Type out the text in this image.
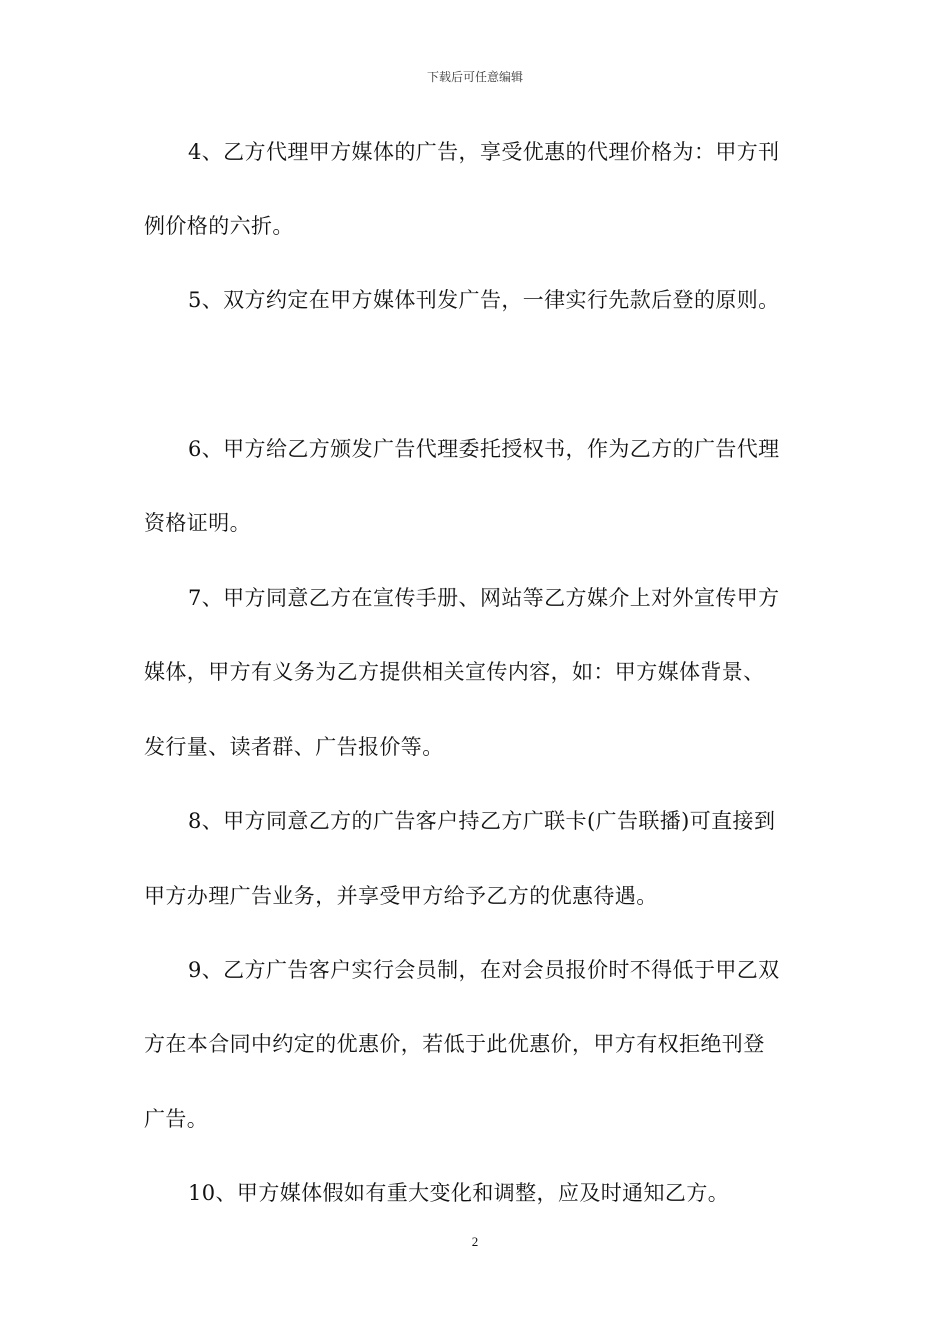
下载后可任意编辑
4、乙方代理甲方媒体的广告，享受优惠的代理价格为：甲方刊
例价格的六折。
5、双方约定在甲方媒体刊发广告，一律实行先款后登的原则。
6、甲方给乙方颁发广告代理委托授权书，作为乙方的广告代理
资格证明。
7、甲方同意乙方在宣传手册、网站等乙方媒介上对外宣传甲方
媒体，甲方有义务为乙方提供相关宣传内容，如：甲方媒体背景、
发行量、读者群、广告报价等。
8、甲方同意乙方的广告客户持乙方广联卡(广告联播)可直接到
甲方办理广告业务，并享受甲方给予乙方的优惠待遇。
9、乙方广告客户实行会员制，在对会员报价时不得低于甲乙双
方在本合同中约定的优惠价，若低于此优惠价，甲方有权拒绝刊登
广告。
10、甲方媒体假如有重大变化和调整，应及时通知乙方。
2
